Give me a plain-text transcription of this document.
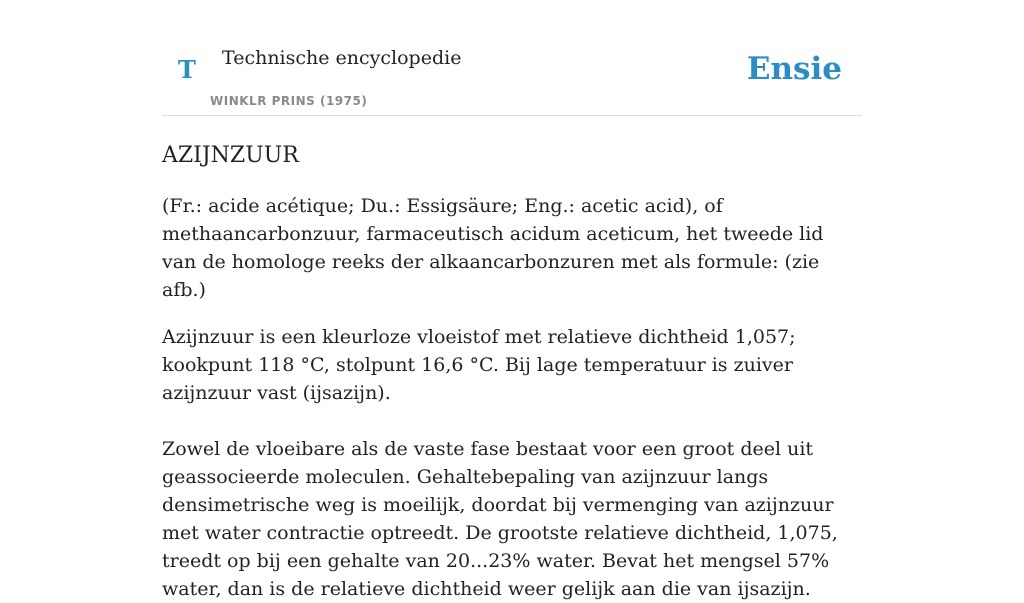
T Technische encyclopedie
WINKLR PRINS (1975)
Ensie
AZIJNZUUR

(Fr.: acide acétique; Du.: Essigsäure; Eng.: acetic acid), of methaancarbonzuur, farmaceutisch acidum aceticum, het tweede lid van de homologe reeks der alkaancarbonzuren met als formule: (zie afb.)

Azijnzuur is een kleurloze vloeistof met relatieve dichtheid 1,057; kookpunt 118 °C, stolpunt 16,6 °C. Bij lage temperatuur is zuiver azijnzuur vast (ijsazijn).

Zowel de vloeibare als de vaste fase bestaat voor een groot deel uit geassocieerde moleculen. Gehaltebepaling van azijnzuur langs densimetrische weg is moeilijk, doordat bij vermenging van azijnzuur met water contractie optreedt. De grootste relatieve dichtheid, 1,075, treedt op bij een gehalte van 20...23% water. Bevat het mengsel 57% water, dan is de relatieve dichtheid weer gelijk aan die van ijsazijn.
